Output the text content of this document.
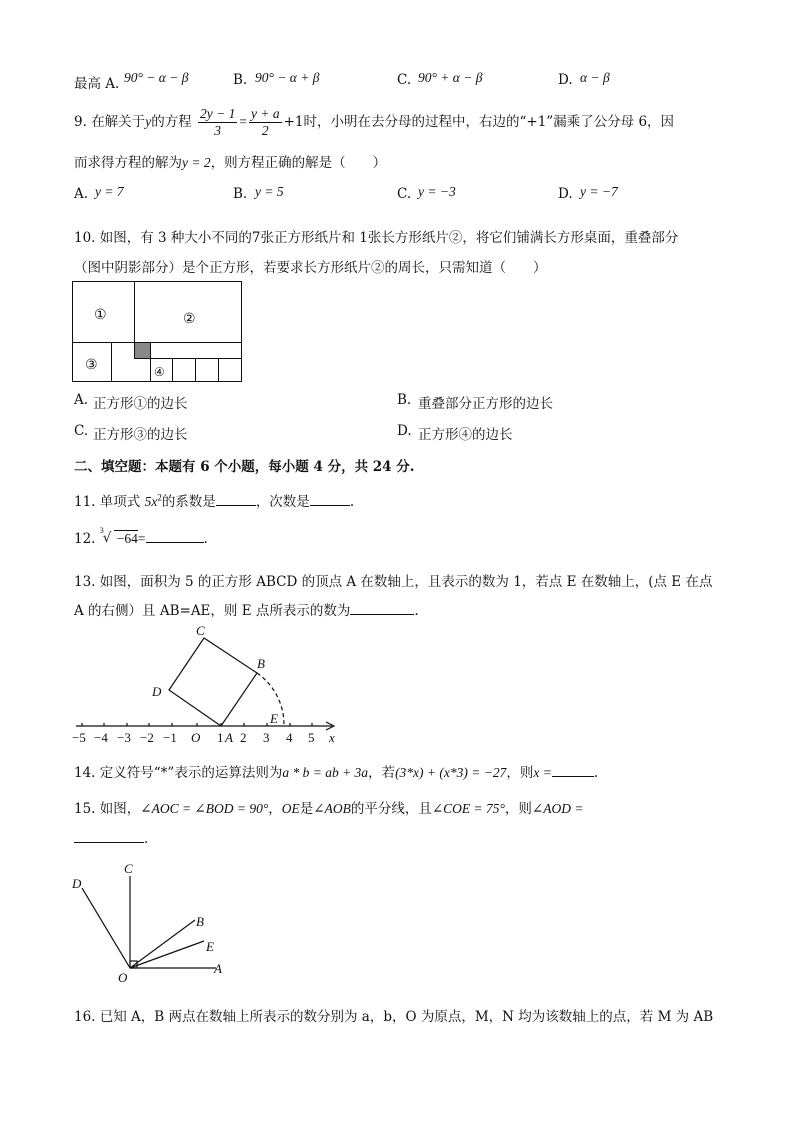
最高 A. 90° − α − β	B. 90° − α + β	C. 90° + α − β	D. α − β
9. 在解关于y的方程 $\frac{2y - 1}{3} = \frac{y + a}{2} +1$时，小明在去分母的过程中，右边的“+1”漏乘了公分母 6，因
而求得方程的解为y = 2，则方程正确的解是（　　）
A. y = 7	B. y = 5	C. y = −3	D. y = −7
10. 如图，有 3 种大小不同的7张正方形纸片和 1张长方形纸片②，将它们铺满长方形桌面，重叠部分
（图中阴影部分）是个正方形，若要求长方形纸片②的周长，只需知道（　　）
①	②
③	④
A. 正方形①的边长	B. 重叠部分正方形的边长
C. 正方形③的边长	D. 正方形④的边长
二、填空题：本题有 6 个小题，每小题 4 分，共 24 分.
11. 单项式 $5x^2$的系数是	，次数是	.
12.
3 √ −64=	.
13. 如图，面积为 5 的正方形 ABCD 的顶点 A 在数轴上，且表示的数为 1，若点 E 在数轴上，(点 E 在点
A 的右侧）且 AB=AE，则 E 点所表示的数为	.
C
B
D
E
x
−5 −4 −3 −2 −1 O 1 A 2 3 4 5
14. 定义符号“*”表示的运算法则为a * b = ab + 3a，若(3*x) + (x*3) = −27，则x =	.
15. 如图，∠AOC = ∠BOD = 90°，OE是∠AOB的平分线，且∠COE = 75°，则∠AOD =
.
D
C
B
E
O
A
16. 已知 A，B 两点在数轴上所表示的数分别为 a，b，O 为原点，M，N 均为该数轴上的点，若 M 为 AB
